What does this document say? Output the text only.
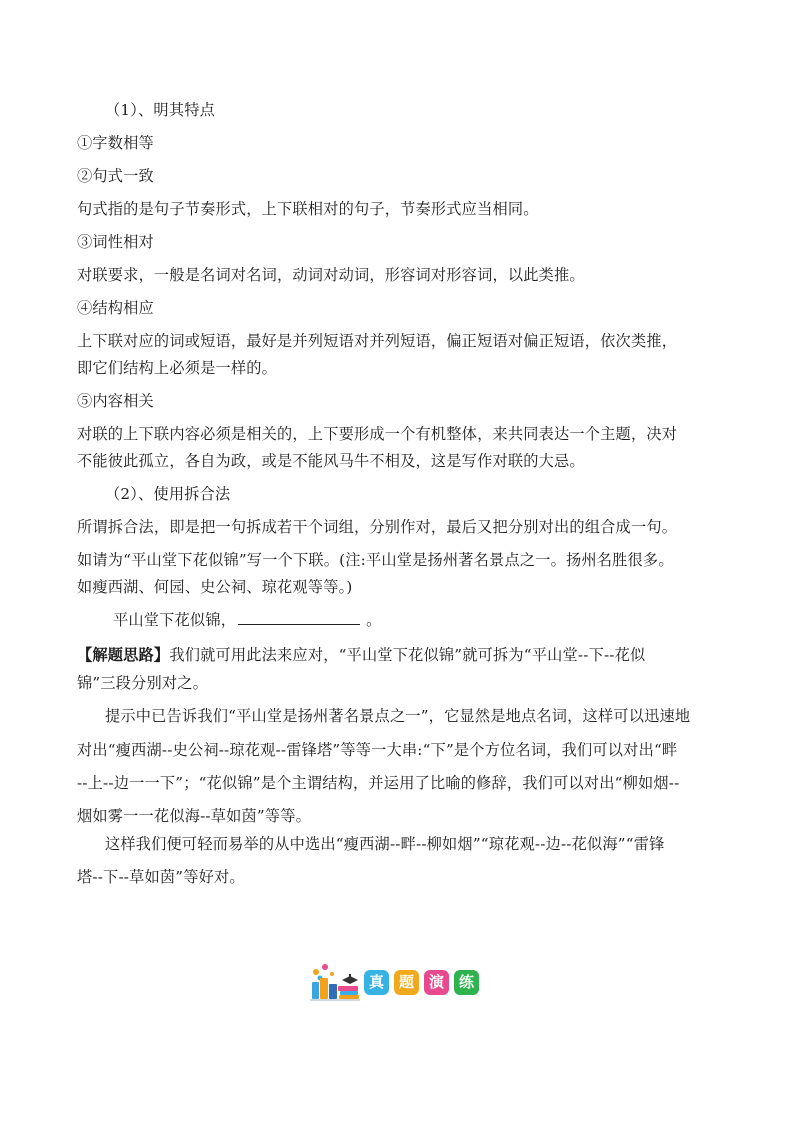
（1）、明其特点
①字数相等
②句式一致
句式指的是句子节奏形式，上下联相对的句子，节奏形式应当相同。
③词性相对
对联要求，一般是名词对名词，动词对动词，形容词对形容词，以此类推。
④结构相应
上下联对应的词或短语，最好是并列短语对并列短语，偏正短语对偏正短语，依次类推，
即它们结构上必须是一样的。
⑤内容相关
对联的上下联内容必须是相关的，上下要形成一个有机整体，来共同表达一个主题，决对
不能彼此孤立，各自为政，或是不能风马牛不相及，这是写作对联的大忌。
（2）、使用拆合法
所谓拆合法，即是把一句拆成若干个词组，分别作对，最后又把分别对出的组合成一句。
如请为“平山堂下花似锦”写一个下联。(注:平山堂是扬州著名景点之一。扬州名胜很多。
如瘦西湖、何园、史公祠、琼花观等等。)
平山堂下花似锦，	。
【解题思路】我们就可用此法来应对，“平山堂下花似锦”就可拆为“平山堂--下--花似
锦”三段分别对之。
提示中已告诉我们“平山堂是扬州著名景点之一”，它显然是地点名词，这样可以迅速地
对出“瘦西湖--史公祠--琼花观--雷锋塔”等等一大串:“下”是个方位名词，我们可以对出“畔
--上--边一一下”；“花似锦”是个主谓结构，并运用了比喻的修辞，我们可以对出“柳如烟--
烟如雾一一花似海--草如茵”等等。
这样我们便可轻而易举的从中选出“瘦西湖--畔--柳如烟”“琼花观--边--花似海”“雷锋
塔--下--草如茵”等好对。
真 题 演 练
